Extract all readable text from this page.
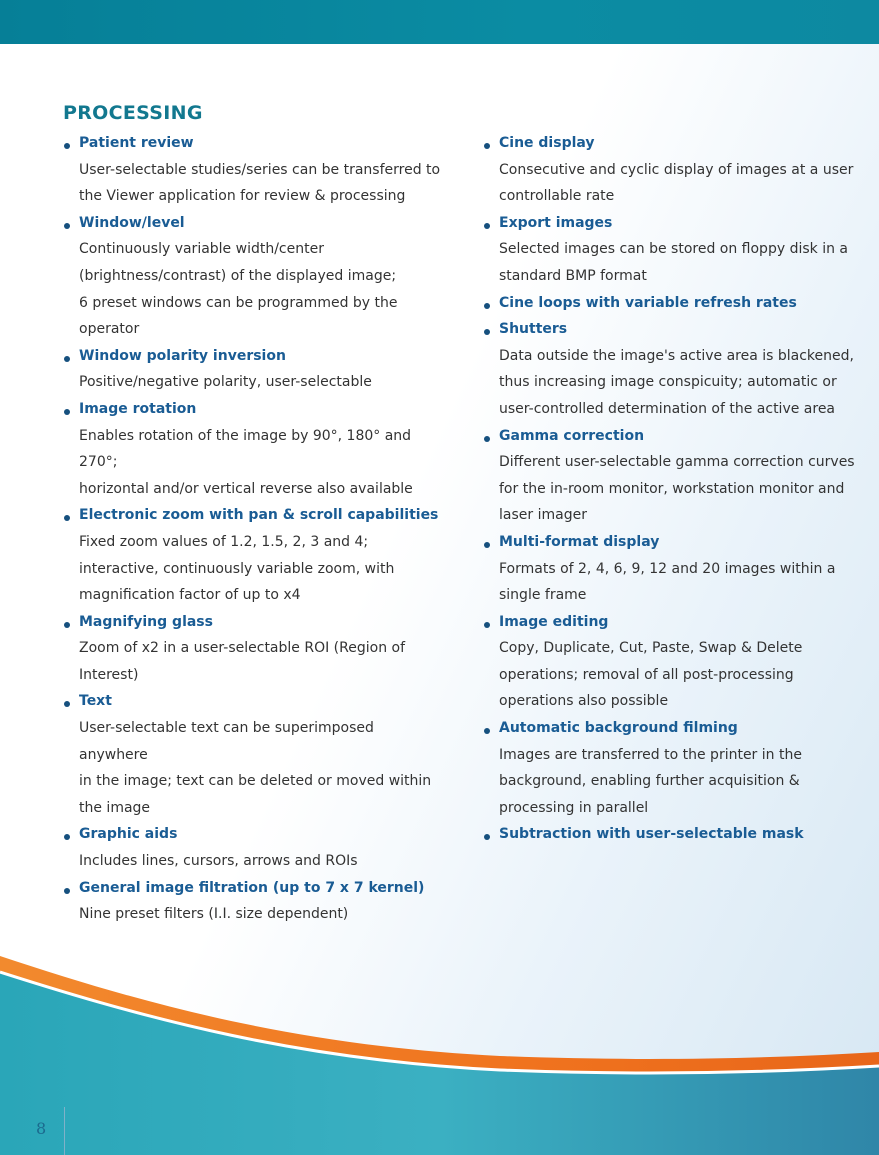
PROCESSING
Patient review
User-selectable studies/series can be transferred to
the Viewer application for review & processing
Window/level
Continuously variable width/center
(brightness/contrast) of the displayed image;
6 preset windows can be programmed by the operator
Window polarity inversion
Positive/negative polarity, user-selectable
Image rotation
Enables rotation of the image by 90°, 180° and 270°;
horizontal and/or vertical reverse also available
Electronic zoom with pan & scroll capabilities
Fixed zoom values of 1.2, 1.5, 2, 3 and 4;
interactive, continuously variable zoom, with
magnification factor of up to x4
Magnifying glass
Zoom of x2 in a user-selectable ROI (Region of Interest)
Text
User-selectable text can be superimposed anywhere
in the image; text can be deleted or moved within
the image
Graphic aids
Includes lines, cursors, arrows and ROIs
General image filtration (up to 7 x 7 kernel)
Nine preset filters (I.I. size dependent)
Cine display
Consecutive and cyclic display of images at a user
controllable rate
Export images
Selected images can be stored on floppy disk in a
standard BMP format
Cine loops with variable refresh rates
Shutters
Data outside the image's active area is blackened,
thus increasing image conspicuity; automatic or
user-controlled determination of the active area
Gamma correction
Different user-selectable gamma correction curves
for the in-room monitor, workstation monitor and
laser imager
Multi-format display
Formats of 2, 4, 6, 9, 12 and 20 images within a
single frame
Image editing
Copy, Duplicate, Cut, Paste, Swap & Delete
operations; removal of all post-processing
operations also possible
Automatic background filming
Images are transferred to the printer in the
background, enabling further acquisition &
processing in parallel
Subtraction with user-selectable mask
8
